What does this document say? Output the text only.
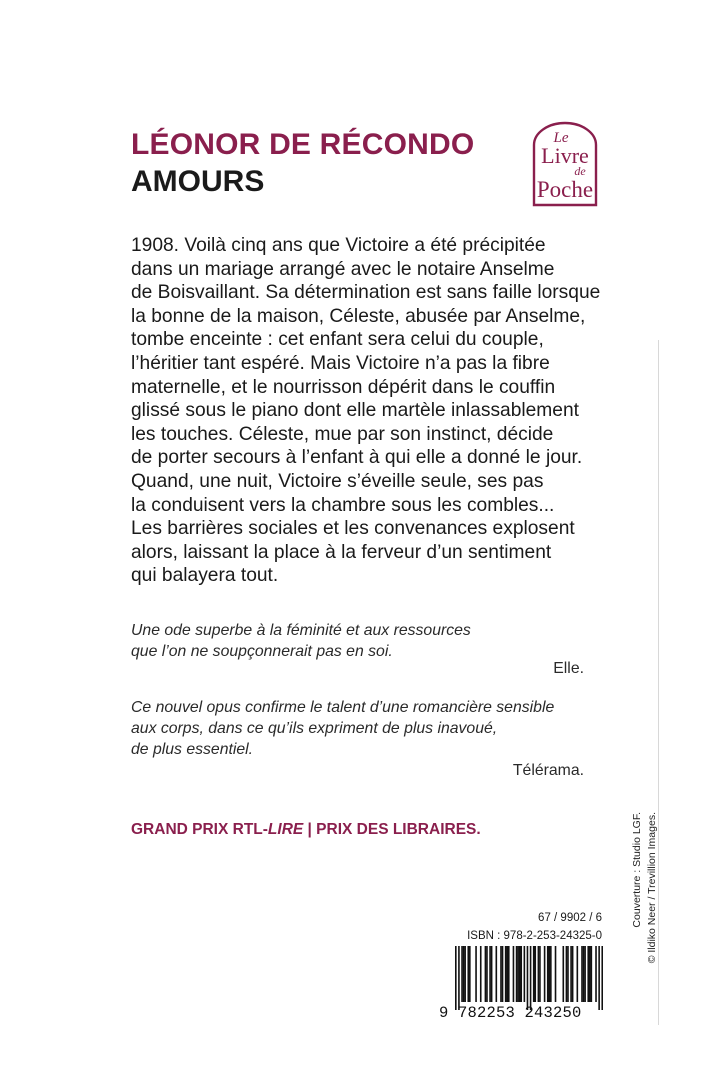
LÉONOR DE RÉCONDO
AMOURS
Le
Livre
de
Poche
1908. Voilà cinq ans que Victoire a été précipitée
dans un mariage arrangé avec le notaire Anselme
de Boisvaillant. Sa détermination est sans faille lorsque
la bonne de la maison, Céleste, abusée par Anselme,
tombe enceinte : cet enfant sera celui du couple,
l’héritier tant espéré. Mais Victoire n’a pas la fibre
maternelle, et le nourrisson dépérit dans le couffin
glissé sous le piano dont elle martèle inlassablement
les touches. Céleste, mue par son instinct, décide
de porter secours à l’enfant à qui elle a donné le jour.
Quand, une nuit, Victoire s’éveille seule, ses pas
la conduisent vers la chambre sous les combles...
Les barrières sociales et les convenances explosent
alors, laissant la place à la ferveur d’un sentiment
qui balayera tout.
Une ode superbe à la féminité et aux ressources
que l’on ne soupçonnerait pas en soi.
Elle.
Ce nouvel opus confirme le talent d’une romancière sensible
aux corps, dans ce qu’ils expriment de plus inavoué,
de plus essentiel.
Télérama.
GRAND PRIX RTL-LIRE | PRIX DES LIBRAIRES.	Couverture : Studio LGF. © Ildiko Neer / Trevillion Images.
67 / 9902 / 6
ISBN : 978-2-253-24325-0
9 782253 243250
